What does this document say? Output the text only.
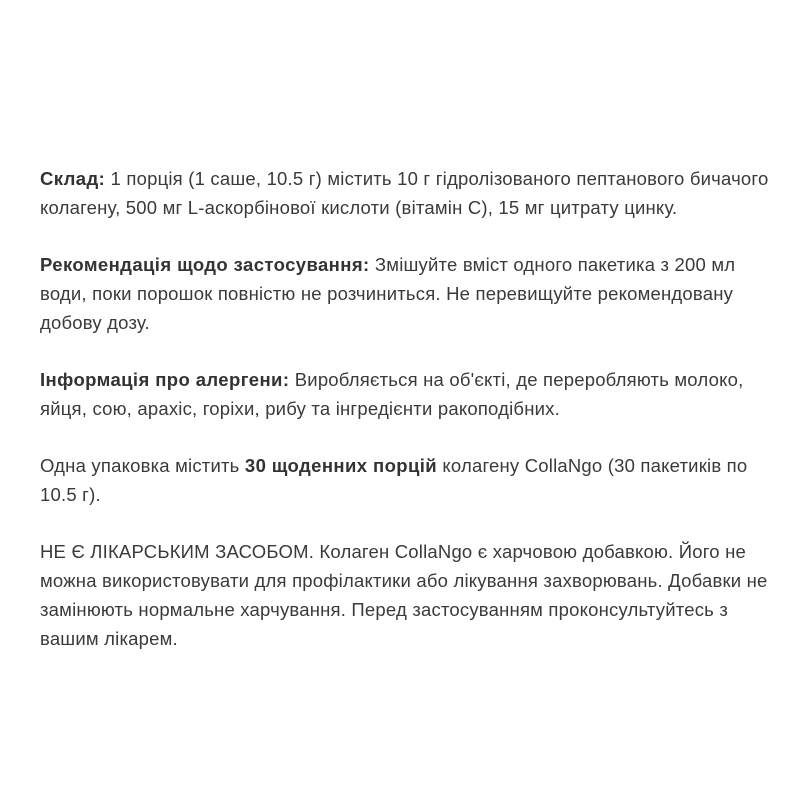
Склад: 1 порція (1 саше, 10.5 г) містить 10 г гідролізованого пептанового бичачого колагену, 500 мг L-аскорбінової кислоти (вітамін C), 15 мг цитрату цинку.

Рекомендація щодо застосування: Змішуйте вміст одного пакетика з 200 мл води, поки порошок повністю не розчиниться. Не перевищуйте рекомендовану добову дозу.

Інформація про алергени: Виробляється на об'єкті, де переробляють молоко, яйця, сою, арахіс, горіхи, рибу та інгредієнти ракоподібних.

Одна упаковка містить 30 щоденних порцій колагену CollaNgo (30 пакетиків по 10.5 г).

НЕ Є ЛІКАРСЬКИМ ЗАСОБОМ. Колаген CollaNgo є харчовою добавкою. Його не можна використовувати для профілактики або лікування захворювань. Добавки не замінюють нормальне харчування. Перед застосуванням проконсультуйтесь з вашим лікарем.
